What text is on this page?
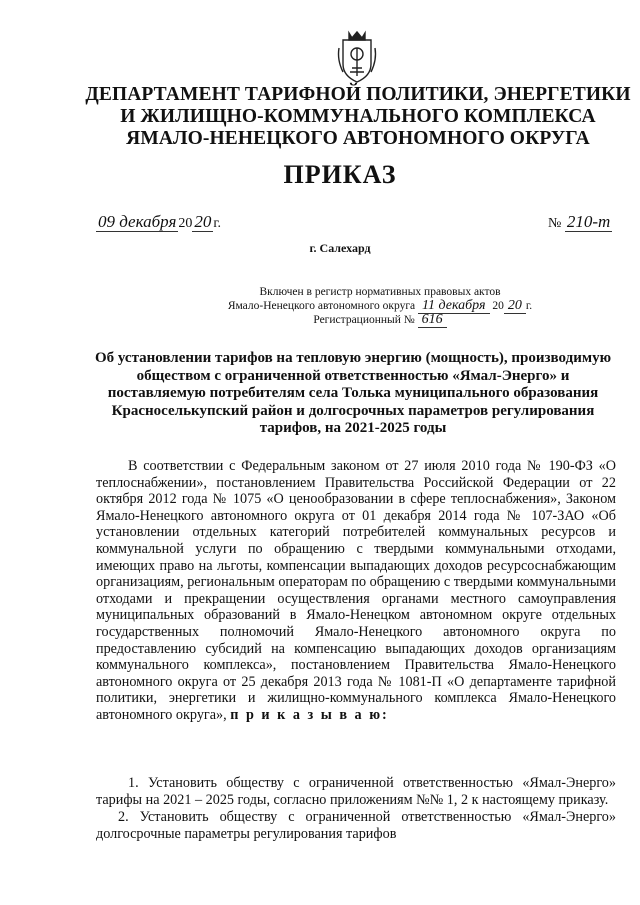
ДЕПАРТАМЕНТ ТАРИФНОЙ ПОЛИТИКИ, ЭНЕРГЕТИКИ
И ЖИЛИЩНО-КОММУНАЛЬНОГО КОМПЛЕКСА
ЯМАЛО-НЕНЕЦКОГО АВТОНОМНОГО ОКРУГА
ПРИКАЗ
09 декабря 20 20 г.	№ 210-т
г. Салехард
Включен в регистр нормативных правовых актов
Ямало-Ненецкого автономного округа 11 декабря 20 20 г.
Регистрационный № 616
Об установлении тарифов на тепловую энергию (мощность), производимую обществом с ограниченной ответственностью «Ямал-Энерго» и поставляемую потребителям села Толька муниципального образования Красноселькупский район и долгосрочных параметров регулирования тарифов, на 2021-2025 годы

В соответствии с Федеральным законом от 27 июля 2010 года № 190-ФЗ «О теплоснабжении», постановлением Правительства Российской Федерации от 22 октября 2012 года № 1075 «О ценообразовании в сфере теплоснабжения», Законом Ямало-Ненецкого автономного округа от 01 декабря 2014 года № 107-ЗАО «Об установлении отдельных категорий потребителей коммунальных ресурсов и коммунальной услуги по обращению с твердыми коммунальными отходами, имеющих право на льготы, компенсации выпадающих доходов ресурсоснабжающим организациям, региональным операторам по обращению с твердыми коммунальными отходами и прекращении осуществления органами местного самоуправления муниципальных образований в Ямало-Ненецком автономном округе отдельных государственных полномочий Ямало-Ненецкого автономного округа по предоставлению субсидий на компенсацию выпадающих доходов организациям коммунального комплекса», постановлением Правительства Ямало-Ненецкого автономного округа от 25 декабря 2013 года № 1081-П «О департаменте тарифной политики, энергетики и жилищно-коммунального комплекса Ямало-Ненецкого автономного округа», п р и к а з ы в а ю:

1. Установить обществу с ограниченной ответственностью «Ямал-Энерго» тарифы на 2021 – 2025 годы, согласно приложениям №№ 1, 2 к настоящему приказу.

2. Установить обществу с ограниченной ответственностью «Ямал-Энерго» долгосрочные параметры регулирования тарифов
